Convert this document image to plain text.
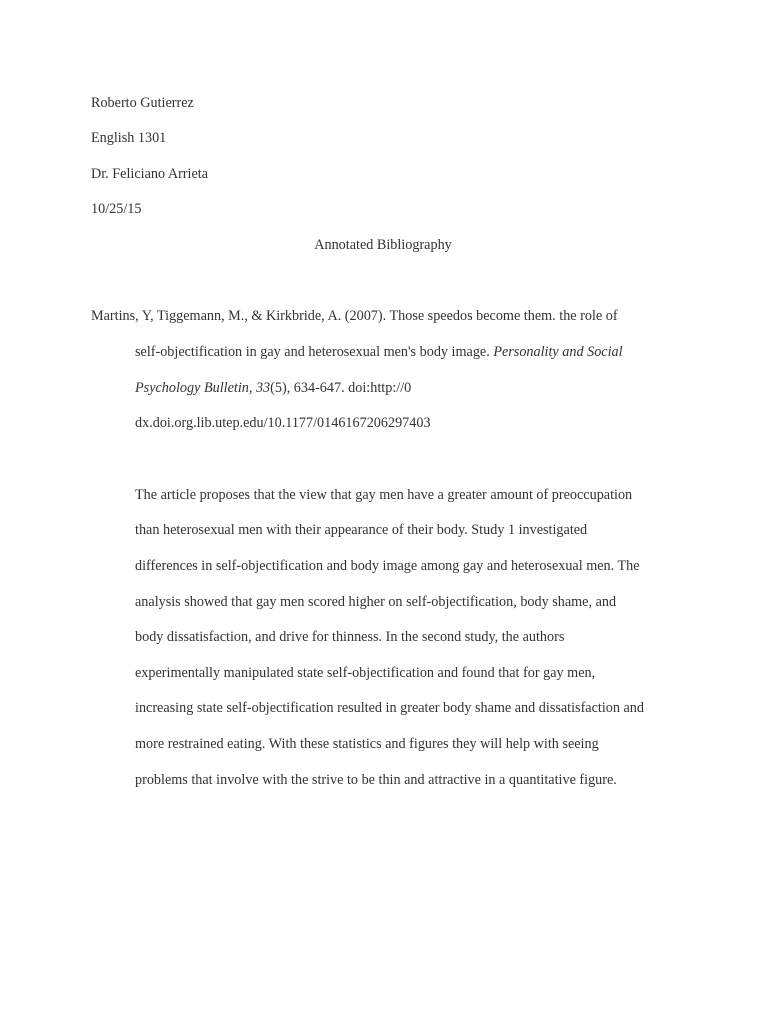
Roberto Gutierrez
English 1301
Dr. Feliciano Arrieta
10/25/15
Annotated Bibliography
Martins, Y, Tiggemann, M., & Kirkbride, A. (2007). Those speedos become them. the role of
self-objectification in gay and heterosexual men's body image. Personality and Social
Psychology Bulletin, 33(5), 634-647. doi:http://0
dx.doi.org.lib.utep.edu/10.1177/0146167206297403
The article proposes that the view that gay men have a greater amount of preoccupation
than heterosexual men with their appearance of their body. Study 1 investigated
differences in self-objectification and body image among gay and heterosexual men. The
analysis showed that gay men scored higher on self-objectification, body shame, and
body dissatisfaction, and drive for thinness. In the second study, the authors
experimentally manipulated state self-objectification and found that for gay men,
increasing state self-objectification resulted in greater body shame and dissatisfaction and
more restrained eating. With these statistics and figures they will help with seeing
problems that involve with the strive to be thin and attractive in a quantitative figure.
